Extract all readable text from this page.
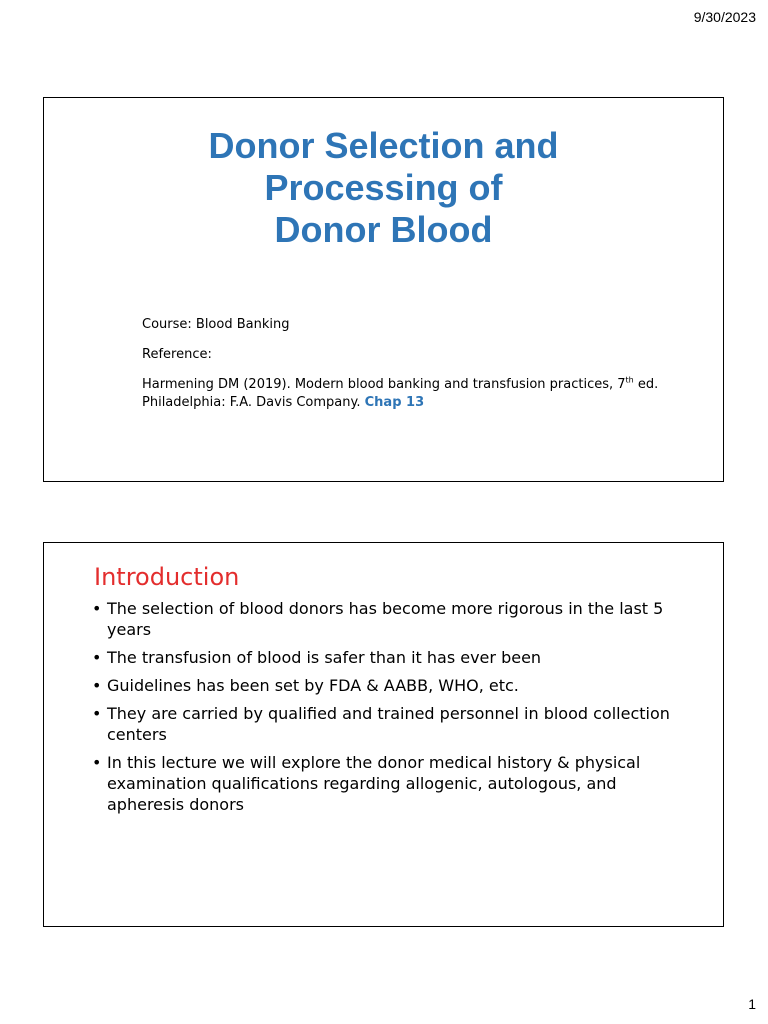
9/30/2023
Donor Selection and
Processing of
Donor Blood

Course: Blood Banking

Reference:

Harmening DM (2019). Modern blood banking and transfusion practices, 7th ed. Philadelphia: F.A. Davis Company. Chap 13

Introduction
• The selection of blood donors has become more rigorous in the last 5 years
• The transfusion of blood is safer than it has ever been
• Guidelines has been set by FDA & AABB, WHO, etc.
• They are carried by qualified and trained personnel in blood collection centers
• In this lecture we will explore the donor medical history & physical examination qualifications regarding allogenic, autologous, and apheresis donors
1
